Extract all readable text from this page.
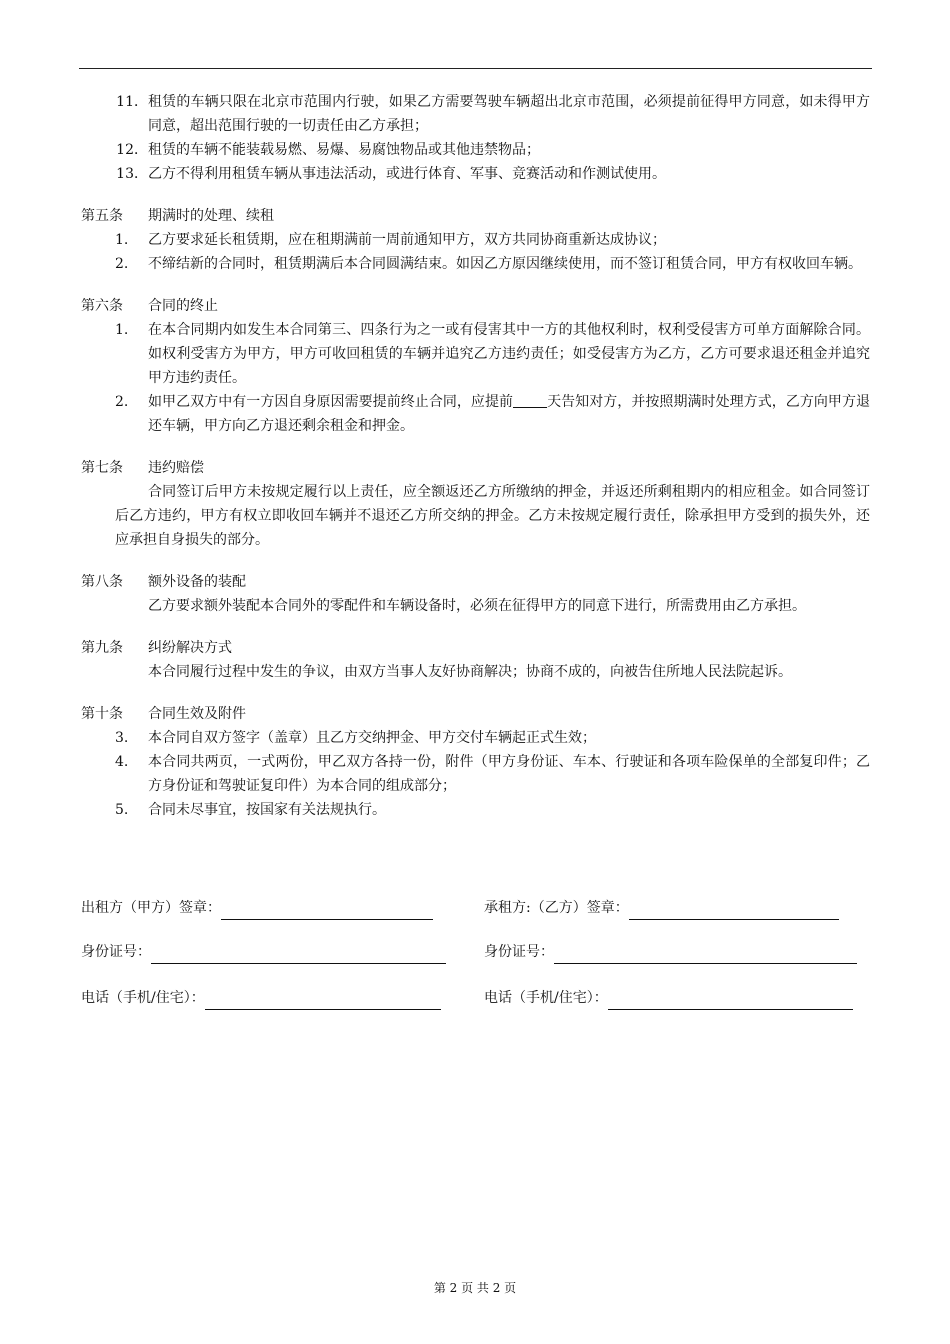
11． 租赁的车辆只限在北京市范围内行驶，如果乙方需要驾驶车辆超出北京市范围，必须提前征得甲方同意，如未得甲方同意，超出范围行驶的一切责任由乙方承担；
12． 租赁的车辆不能装载易燃、易爆、易腐蚀物品或其他违禁物品；
13． 乙方不得利用租赁车辆从事违法活动，或进行体育、军事、竞赛活动和作测试使用。
第五条 期满时的处理、续租
1.	乙方要求延长租赁期，应在租期满前一周前通知甲方，双方共同协商重新达成协议；
2.	不缔结新的合同时，租赁期满后本合同圆满结束。如因乙方原因继续使用，而不签订租赁合同，甲方有权收回车辆。
第六条 合同的终止
1.	在本合同期内如发生本合同第三、四条行为之一或有侵害其中一方的其他权利时，权利受侵害方可单方面解除合同。如权利受害方为甲方，甲方可收回租赁的车辆并追究乙方违约责任；如受侵害方为乙方，乙方可要求退还租金并追究甲方违约责任。
2.	如甲乙双方中有一方因自身原因需要提前终止合同，应提前 天告知对方，并按照期满时处理方式，乙方向甲方退还车辆，甲方向乙方退还剩余租金和押金。
第七条 违约赔偿
合同签订后甲方未按规定履行以上责任，应全额返还乙方所缴纳的押金，并返还所剩租期内的相应租金。如合同签订后乙方违约，甲方有权立即收回车辆并不退还乙方所交纳的押金。乙方未按规定履行责任，除承担甲方受到的损失外，还应承担自身损失的部分。
第八条 额外设备的装配
乙方要求额外装配本合同外的零配件和车辆设备时，必须在征得甲方的同意下进行，所需费用由乙方承担。
第九条 纠纷解决方式
本合同履行过程中发生的争议，由双方当事人友好协商解决；协商不成的，向被告住所地人民法院起诉。
第十条 合同生效及附件
3.	本合同自双方签字（盖章）且乙方交纳押金、甲方交付车辆起正式生效；
4.	本合同共两页，一式两份，甲乙双方各持一份，附件（甲方身份证、车本、行驶证和各项车险保单的全部复印件；乙方身份证和驾驶证复印件）为本合同的组成部分；
5.	合同未尽事宜，按国家有关法规执行。
出租方（甲方）签章：	承租方:（乙方）签章：
身份证号：	身份证号：
电话（手机/住宅）：	电话（手机/住宅）：
第 2 页 共 2 页
